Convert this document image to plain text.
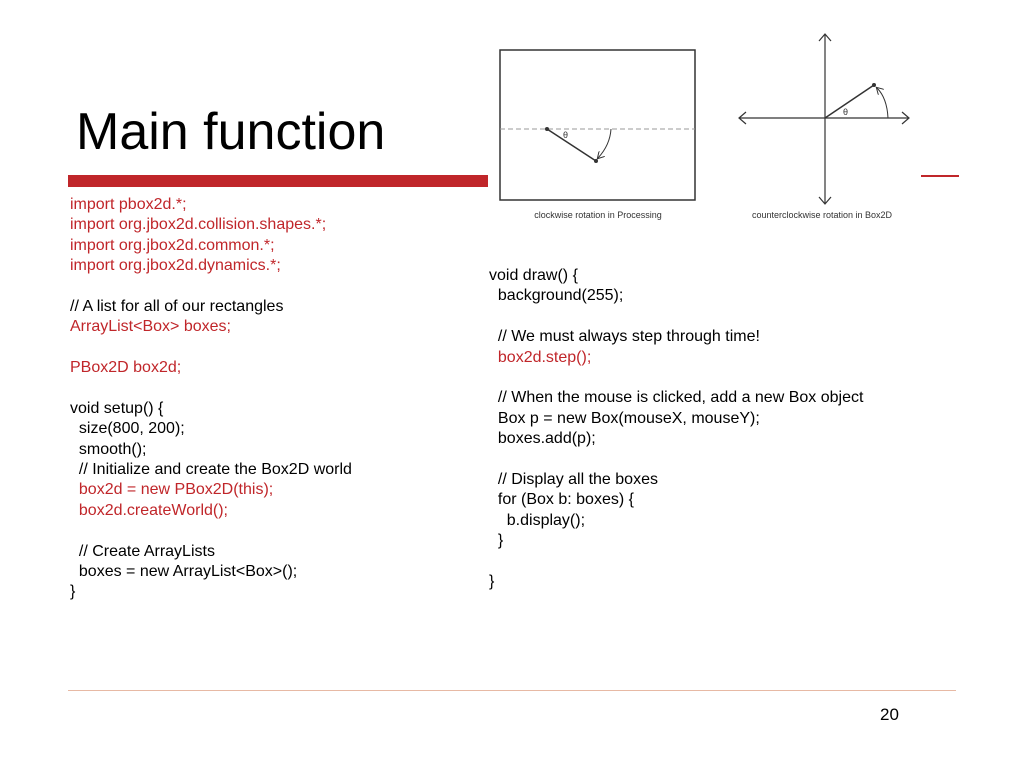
Main function	θ
clockwise rotation in Processing
θ
counterclockwise rotation in Box2D
import pbox2d.*;
import org.jbox2d.collision.shapes.*;
import org.jbox2d.common.*;
import org.jbox2d.dynamics.*;
// A list for all of our rectangles
ArrayList<Box> boxes;
PBox2D box2d;
void setup() {
size(800, 200);
smooth();
// Initialize and create the Box2D world
box2d = new PBox2D(this);
box2d.createWorld();
// Create ArrayLists
boxes = new ArrayList<Box>();
}
void draw() {
background(255);
// We must always step through time!
box2d.step();
// When the mouse is clicked, add a new Box object
Box p = new Box(mouseX, mouseY);
boxes.add(p);
// Display all the boxes
for (Box b: boxes) {
b.display();
}
}
20
